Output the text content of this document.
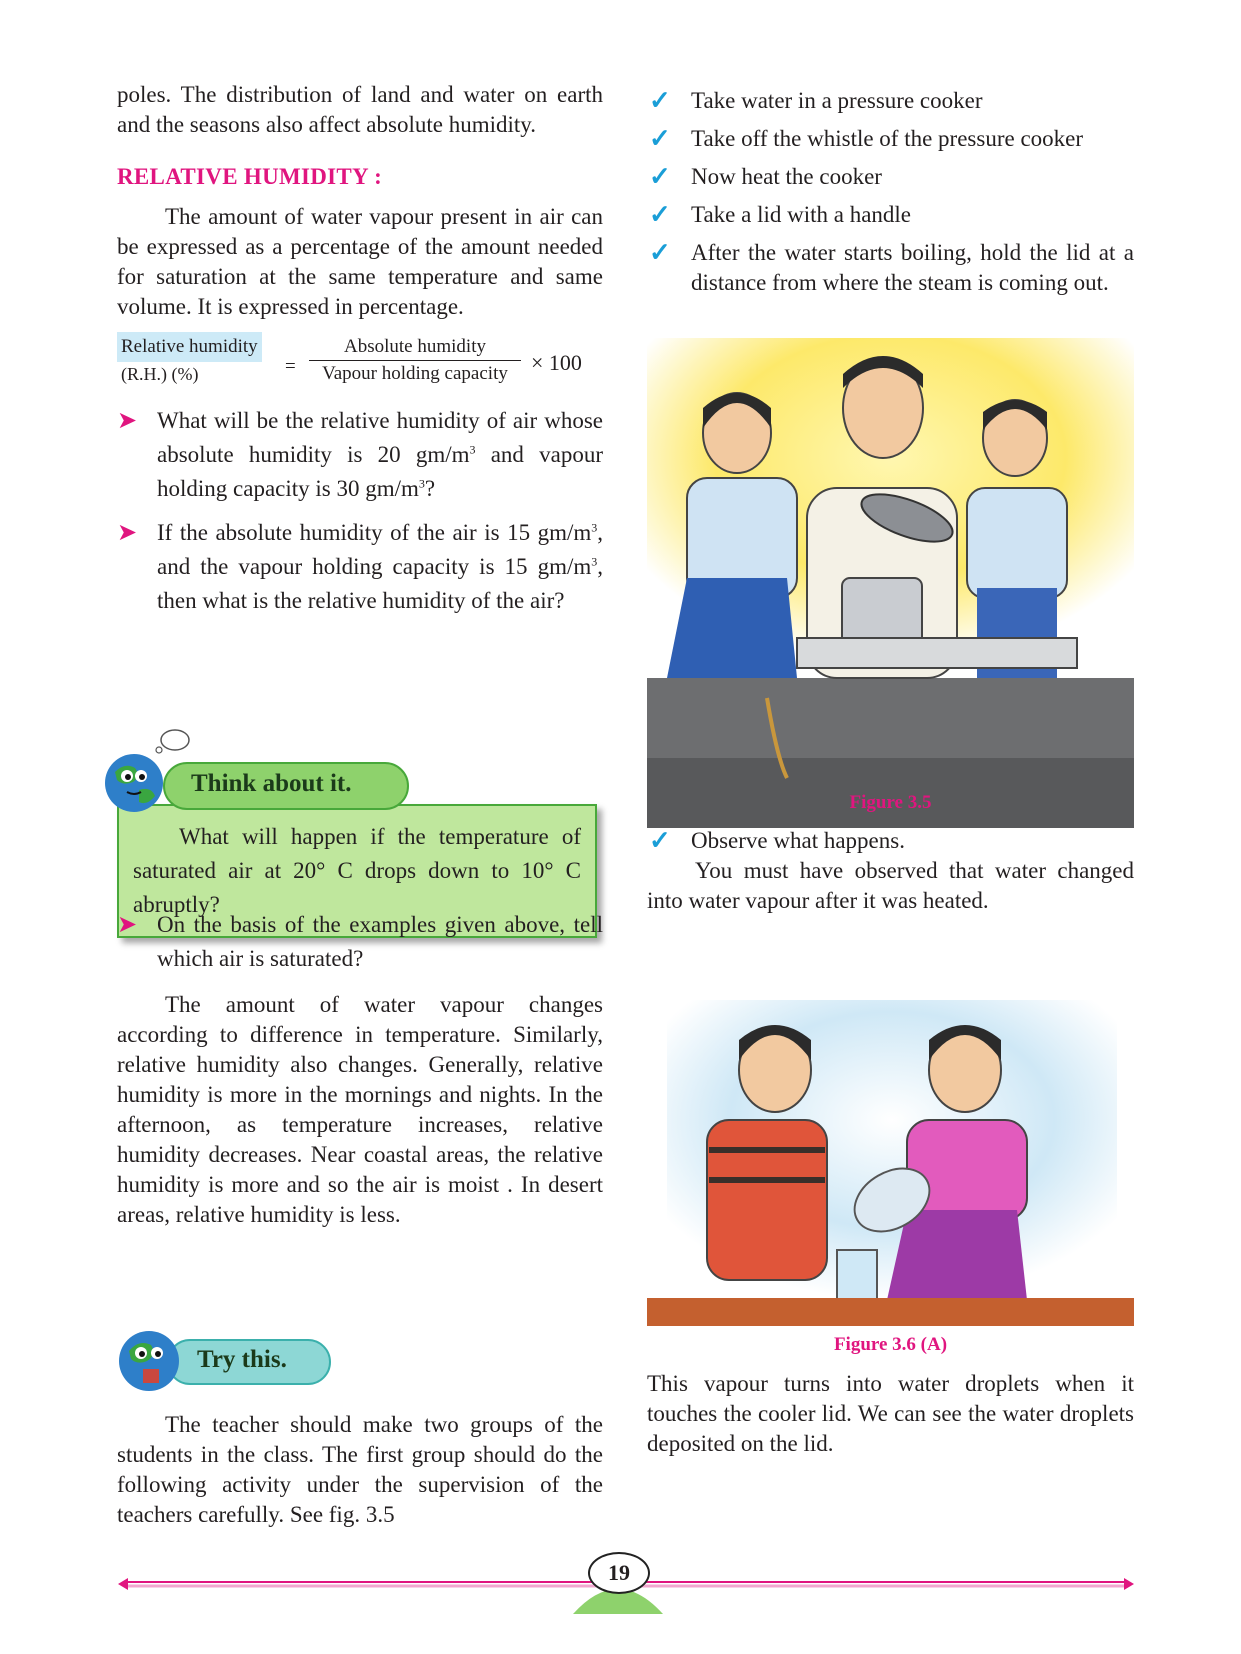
poles. The distribution of land and water on earth and the seasons also affect absolute humidity.

RELATIVE HUMIDITY :

The amount of water vapour present in air can be expressed as a percentage of the amount needed for saturation at the same temperature and same volume. It is expressed in percentage.

Relative humidity
(R.H.) (%)	=
Absolute humidity
Vapour holding capacity	× 100
➤ What will be the relative humidity of air whose absolute humidity is 20 $gm/m^3$ and vapour holding capacity is 30 $gm/m^3$?
➤ If the absolute humidity of the air is 15 $gm/m^3$, and the vapour holding capacity is 15 $gm/m^3$, then what is the relative humidity of the air?

What will happen if the temperature of saturated air at 20° C drops down to 10° C abruptly?

Think about it.
➤ On the basis of the examples given above, tell which air is saturated?

The amount of water vapour changes according to difference in temperature. Similarly, relative humidity also changes. Generally, relative humidity is more in the mornings and nights. In the afternoon, as temperature increases, relative humidity decreases. Near coastal areas, the relative humidity is more and so the air is moist . In desert areas, relative humidity is less.

Try this.

The teacher should make two groups of the students in the class. The first group should do the following activity under the supervision of the teachers carefully. See fig. 3.5

✓ Take water in a pressure cooker
✓ Take off the whistle of the pressure cooker
✓ Now heat the cooker
✓ Take a lid with a handle
✓ After the water starts boiling, hold the lid at a distance from where the steam is coming out.
Figure 3.5
✓ Observe what happens.

You must have observed that water changed into water vapour after it was heated.

Figure 3.6 (A)

This vapour turns into water droplets when it touches the cooler lid. We can see the water droplets deposited on the lid.

19
